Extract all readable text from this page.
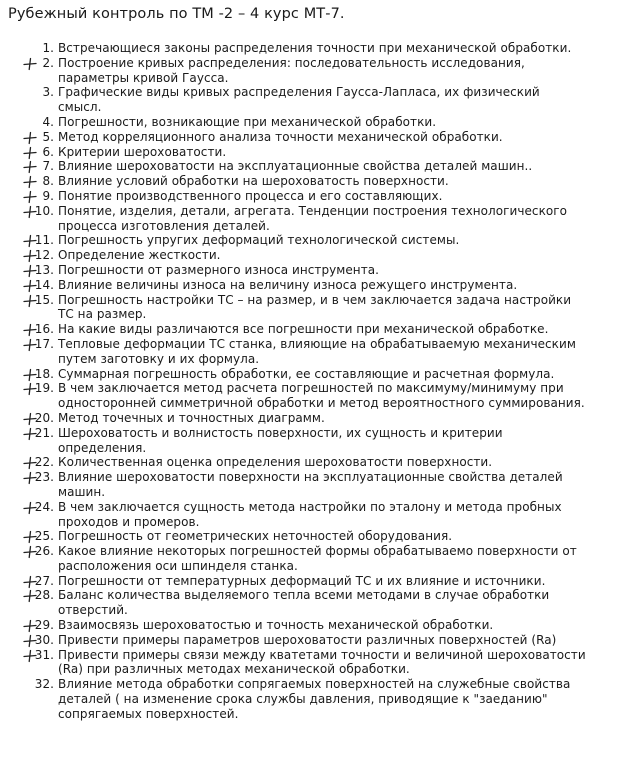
Рубежный контроль по ТМ -2 – 4 курс МТ-7.
1. Встречающиеся законы распределения точности при механической обработки.
2. Построение кривых распределения: последовательность исследования,
параметры кривой Гаусса.
3. Графические виды кривых распределения Гаусса-Лапласа, их физический
смысл.
4. Погрешности, возникающие при механической обработки.
5. Метод корреляционного анализа точности механической обработки.
6. Критерии шероховатости.
7. Влияние шероховатости на эксплуатационные свойства деталей машин..
8. Влияние условий обработки на шероховатость поверхности.
9. Понятие производственного процесса и его составляющих.
10. Понятие, изделия, детали, агрегата. Тенденции построения технологического
процесса изготовления деталей.
11. Погрешность упругих деформаций технологической системы.
12. Определение жесткости.
13. Погрешности от размерного износа инструмента.
14. Влияние величины износа на величину износа режущего инструмента.
15. Погрешность настройки ТС – на размер, и в чем заключается задача настройки
ТС на размер.
16. На какие виды различаются все погрешности при механической обработке.
17. Тепловые деформации ТС станка, влияющие на обрабатываемую механическим
путем заготовку и их формула.
18. Суммарная погрешность обработки, ее составляющие и расчетная формула.
19. В чем заключается метод расчета погрешностей по максимуму/минимуму при
односторонней симметричной обработки и метод вероятностного суммирования.
20. Метод точечных и точностных диаграмм.
21. Шероховатость и волнистость поверхности, их сущность и критерии
определения.
22. Количественная оценка определения шероховатости поверхности.
23. Влияние шероховатости поверхности на эксплуатационные свойства деталей
машин.
24. В чем заключается сущность метода настройки по эталону и метода пробных
проходов и промеров.
25. Погрешность от геометрических неточностей оборудования.
26. Какое влияние некоторых погрешностей формы обрабатываемо поверхности от
расположения оси шпинделя станка.
27. Погрешности от температурных деформаций ТС и их влияние и источники.
28. Баланс количества выделяемого тепла всеми методами в случае обработки
отверстий.
29. Взаимосвязь шероховатостью и точность механической обработки.
30. Привести примеры параметров шероховатости различных поверхностей (Ra)
31. Привести примеры связи между кватетами точности и величиной шероховатости
(Ra) при различных методах механической обработки.
32. Влияние метода обработки сопрягаемых поверхностей на служебные свойства
деталей ( на изменение срока службы давления, приводящие к "заеданию"
сопрягаемых поверхностей.
